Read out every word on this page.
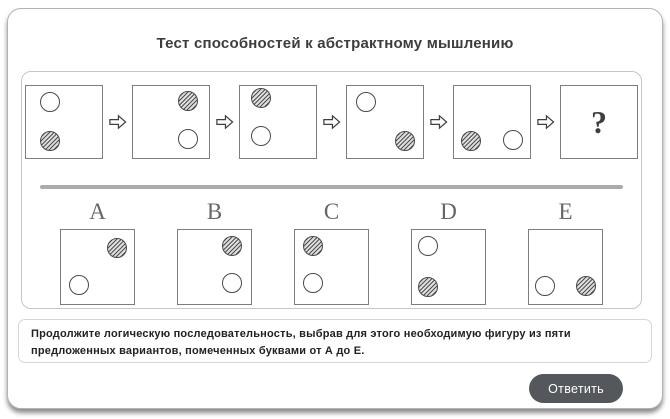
Тест способностей к абстрактному мышлению
?
A	B	C	D	E
Продолжите логическую последовательность, выбрав для этого необходимую фигуру из пяти предложенных вариантов, помеченных буквами от А до Е.
Ответить
